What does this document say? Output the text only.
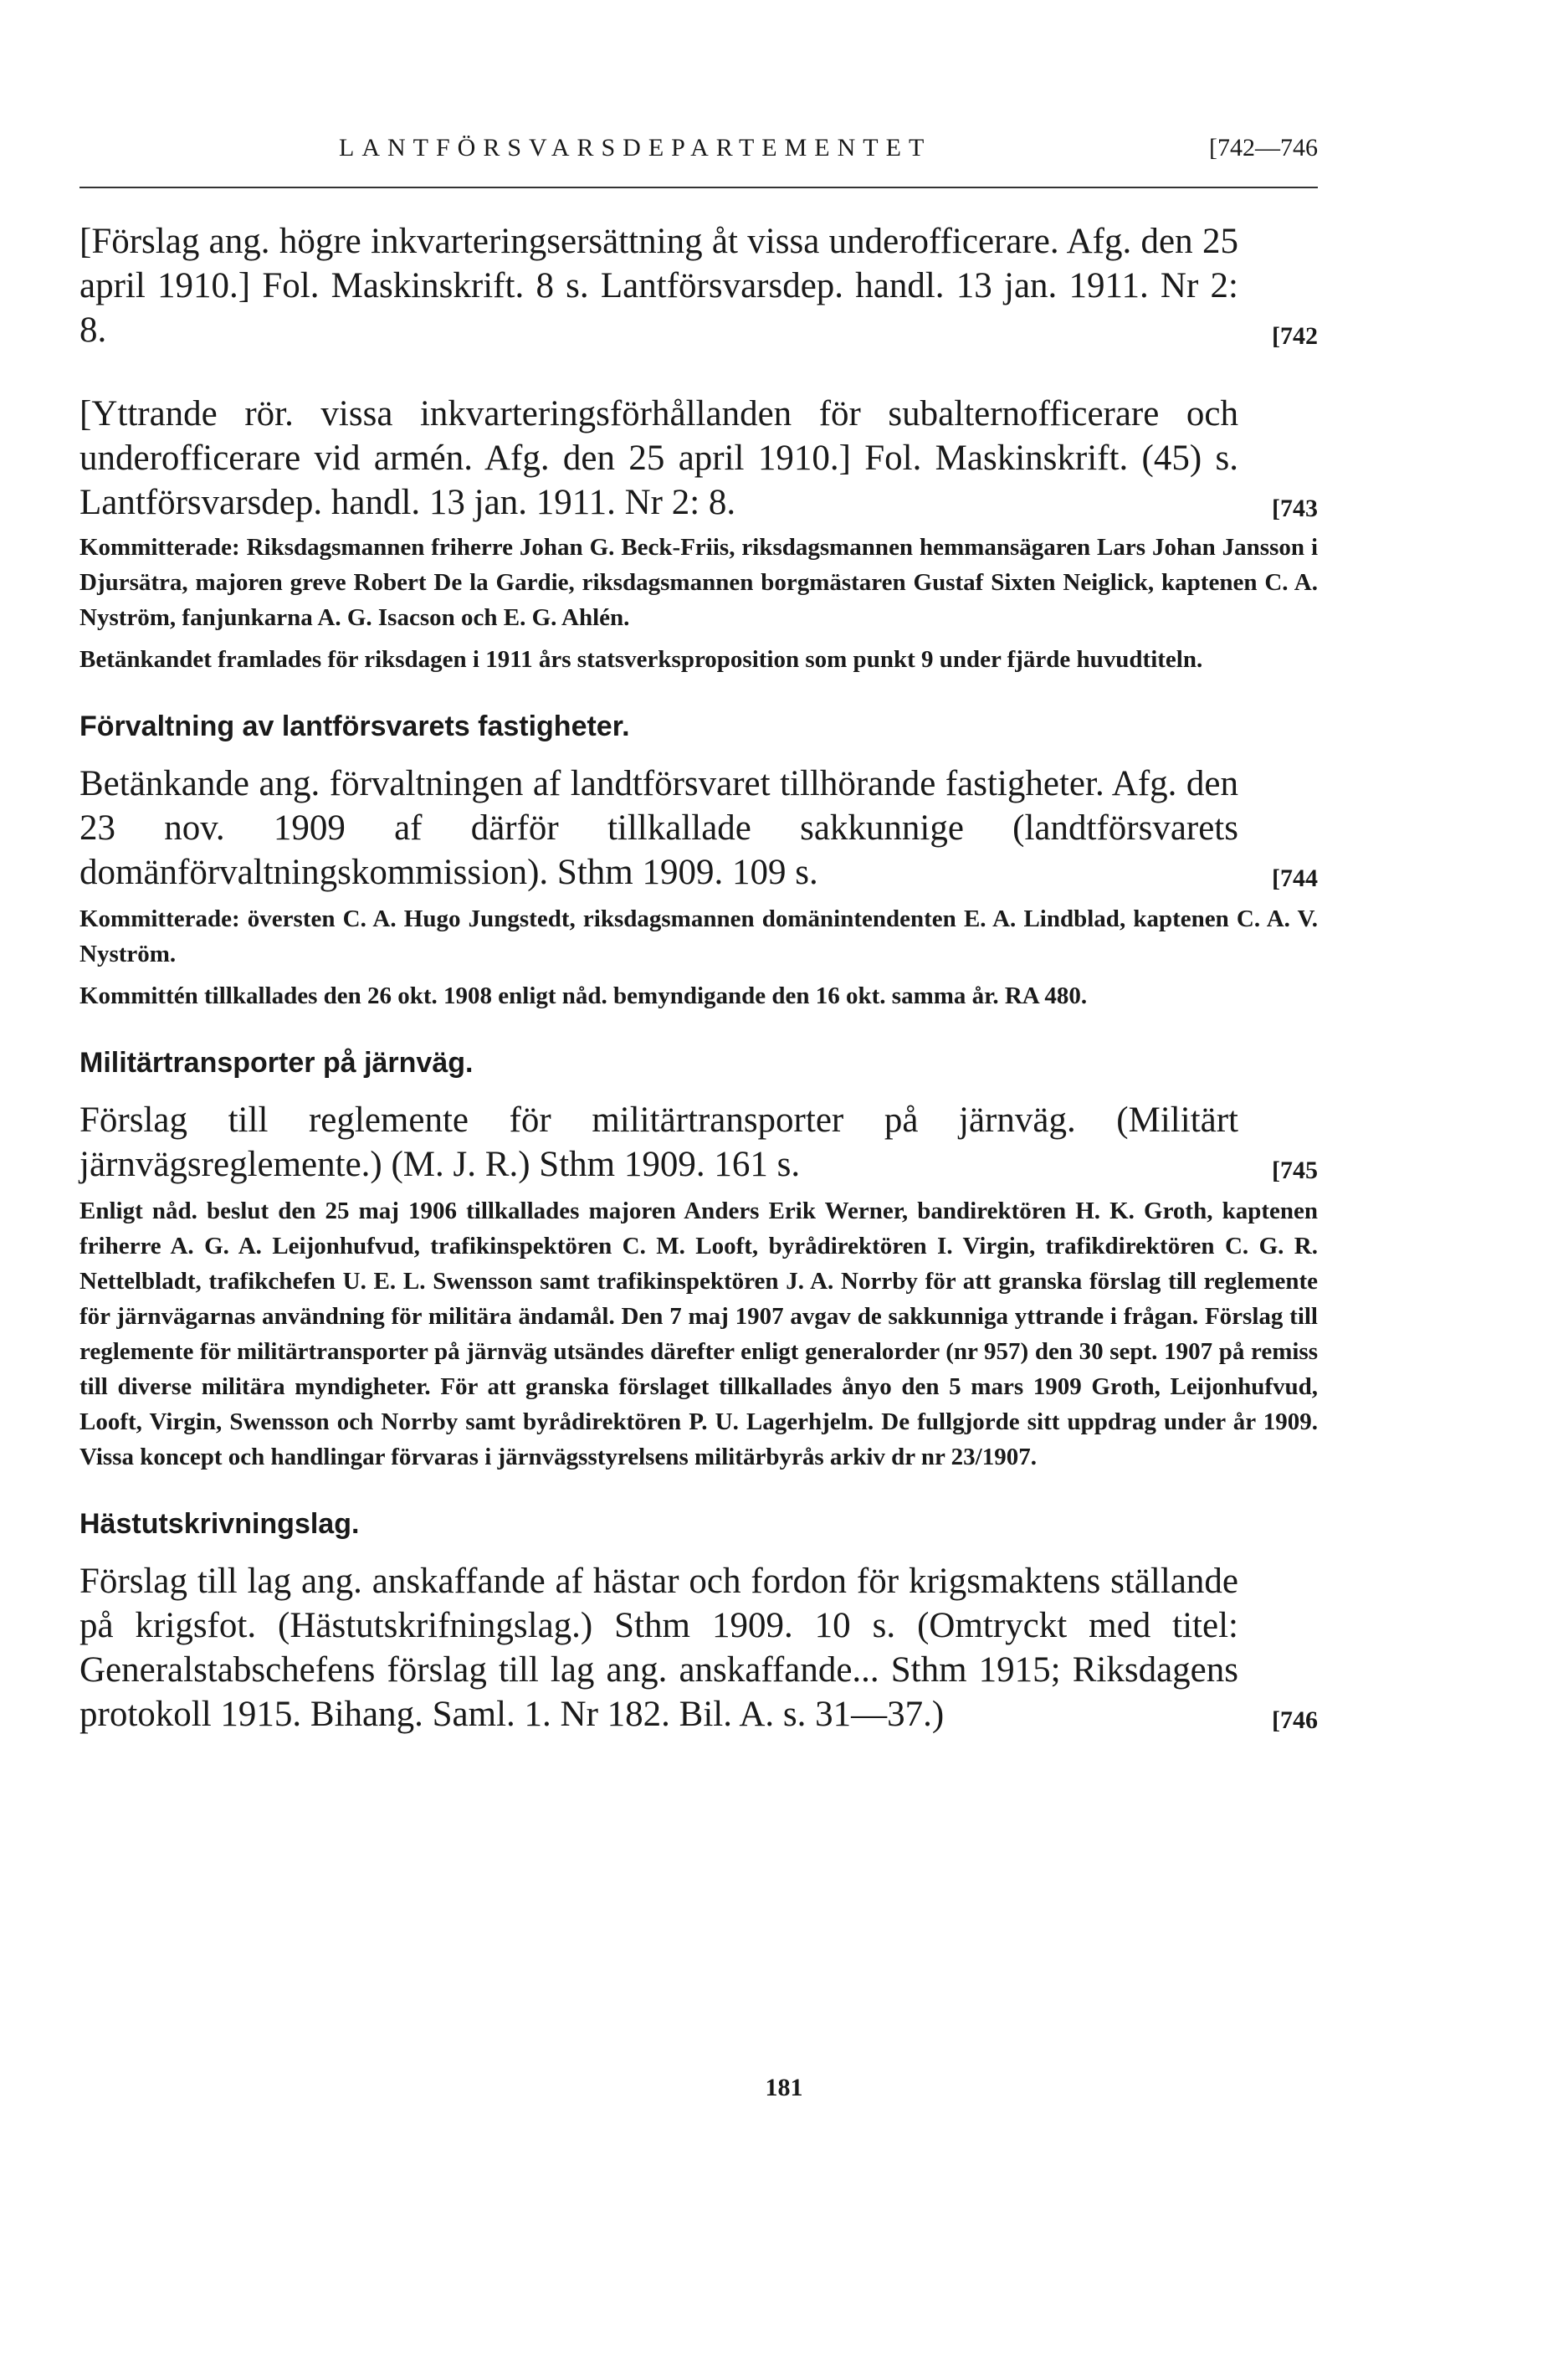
LANTFÖRSVARSDEPARTEMENTET	[742—746

[Förslag ang. högre inkvarteringsersättning åt vissa underofficerare. Afg. den 25 april 1910.] Fol. Maskinskrift. 8 s. Lantförsvarsdep. handl. 13 jan. 1911. Nr 2: 8.	[742

[Yttrande rör. vissa inkvarteringsförhållanden för subalternofficerare och underofficerare vid armén. Afg. den 25 april 1910.] Fol. Maskinskrift. (45) s. Lantförsvarsdep. handl. 13 jan. 1911. Nr 2: 8.	[743

Kommitterade: Riksdagsmannen friherre Johan G. Beck-Friis, riksdagsmannen hemmansägaren Lars Johan Jansson i Djursätra, majoren greve Robert De la Gardie, riksdagsmannen borgmästaren Gustaf Sixten Neiglick, kaptenen C. A. Nyström, fanjunkarna A. G. Isacson och E. G. Ahlén.

Betänkandet framlades för riksdagen i 1911 års statsverksproposition som punkt 9 under fjärde huvudtiteln.

Förvaltning av lantförsvarets fastigheter.

Betänkande ang. förvaltningen af landtförsvaret tillhörande fastigheter. Afg. den 23 nov. 1909 af därför tillkallade sakkunnige (landtförsvarets domänförvaltningskommission). Sthm 1909. 109 s.	[744

Kommitterade: översten C. A. Hugo Jungstedt, riksdagsmannen domänintendenten E. A. Lindblad, kaptenen C. A. V. Nyström.

Kommittén tillkallades den 26 okt. 1908 enligt nåd. bemyndigande den 16 okt. samma år. RA 480.

Militärtransporter på järnväg.

Förslag till reglemente för militärtransporter på järnväg. (Militärt järnvägsreglemente.) (M. J. R.) Sthm 1909. 161 s.	[745

Enligt nåd. beslut den 25 maj 1906 tillkallades majoren Anders Erik Werner, bandirektören H. K. Groth, kaptenen friherre A. G. A. Leijonhufvud, trafikinspektören C. M. Looft, byrådirektören I. Virgin, trafikdirektören C. G. R. Nettelbladt, trafikchefen U. E. L. Swensson samt trafikinspektören J. A. Norrby för att granska förslag till reglemente för järnvägarnas användning för militära ändamål. Den 7 maj 1907 avgav de sakkunniga yttrande i frågan. Förslag till reglemente för militärtransporter på järnväg utsändes därefter enligt generalorder (nr 957) den 30 sept. 1907 på remiss till diverse militära myndigheter. För att granska förslaget tillkallades ånyo den 5 mars 1909 Groth, Leijonhufvud, Looft, Virgin, Swensson och Norrby samt byrådirektören P. U. Lagerhjelm. De fullgjorde sitt uppdrag under år 1909. Vissa koncept och handlingar förvaras i järnvägsstyrelsens militärbyrås arkiv dr nr 23/1907.

Hästutskrivningslag.

Förslag till lag ang. anskaffande af hästar och fordon för krigsmaktens ställande på krigsfot. (Hästutskrifningslag.) Sthm 1909. 10 s. (Omtryckt med titel: Generalstabschefens förslag till lag ang. anskaffande... Sthm 1915; Riksdagens protokoll 1915. Bihang. Saml. 1. Nr 182. Bil. A. s. 31—37.)	[746
181
